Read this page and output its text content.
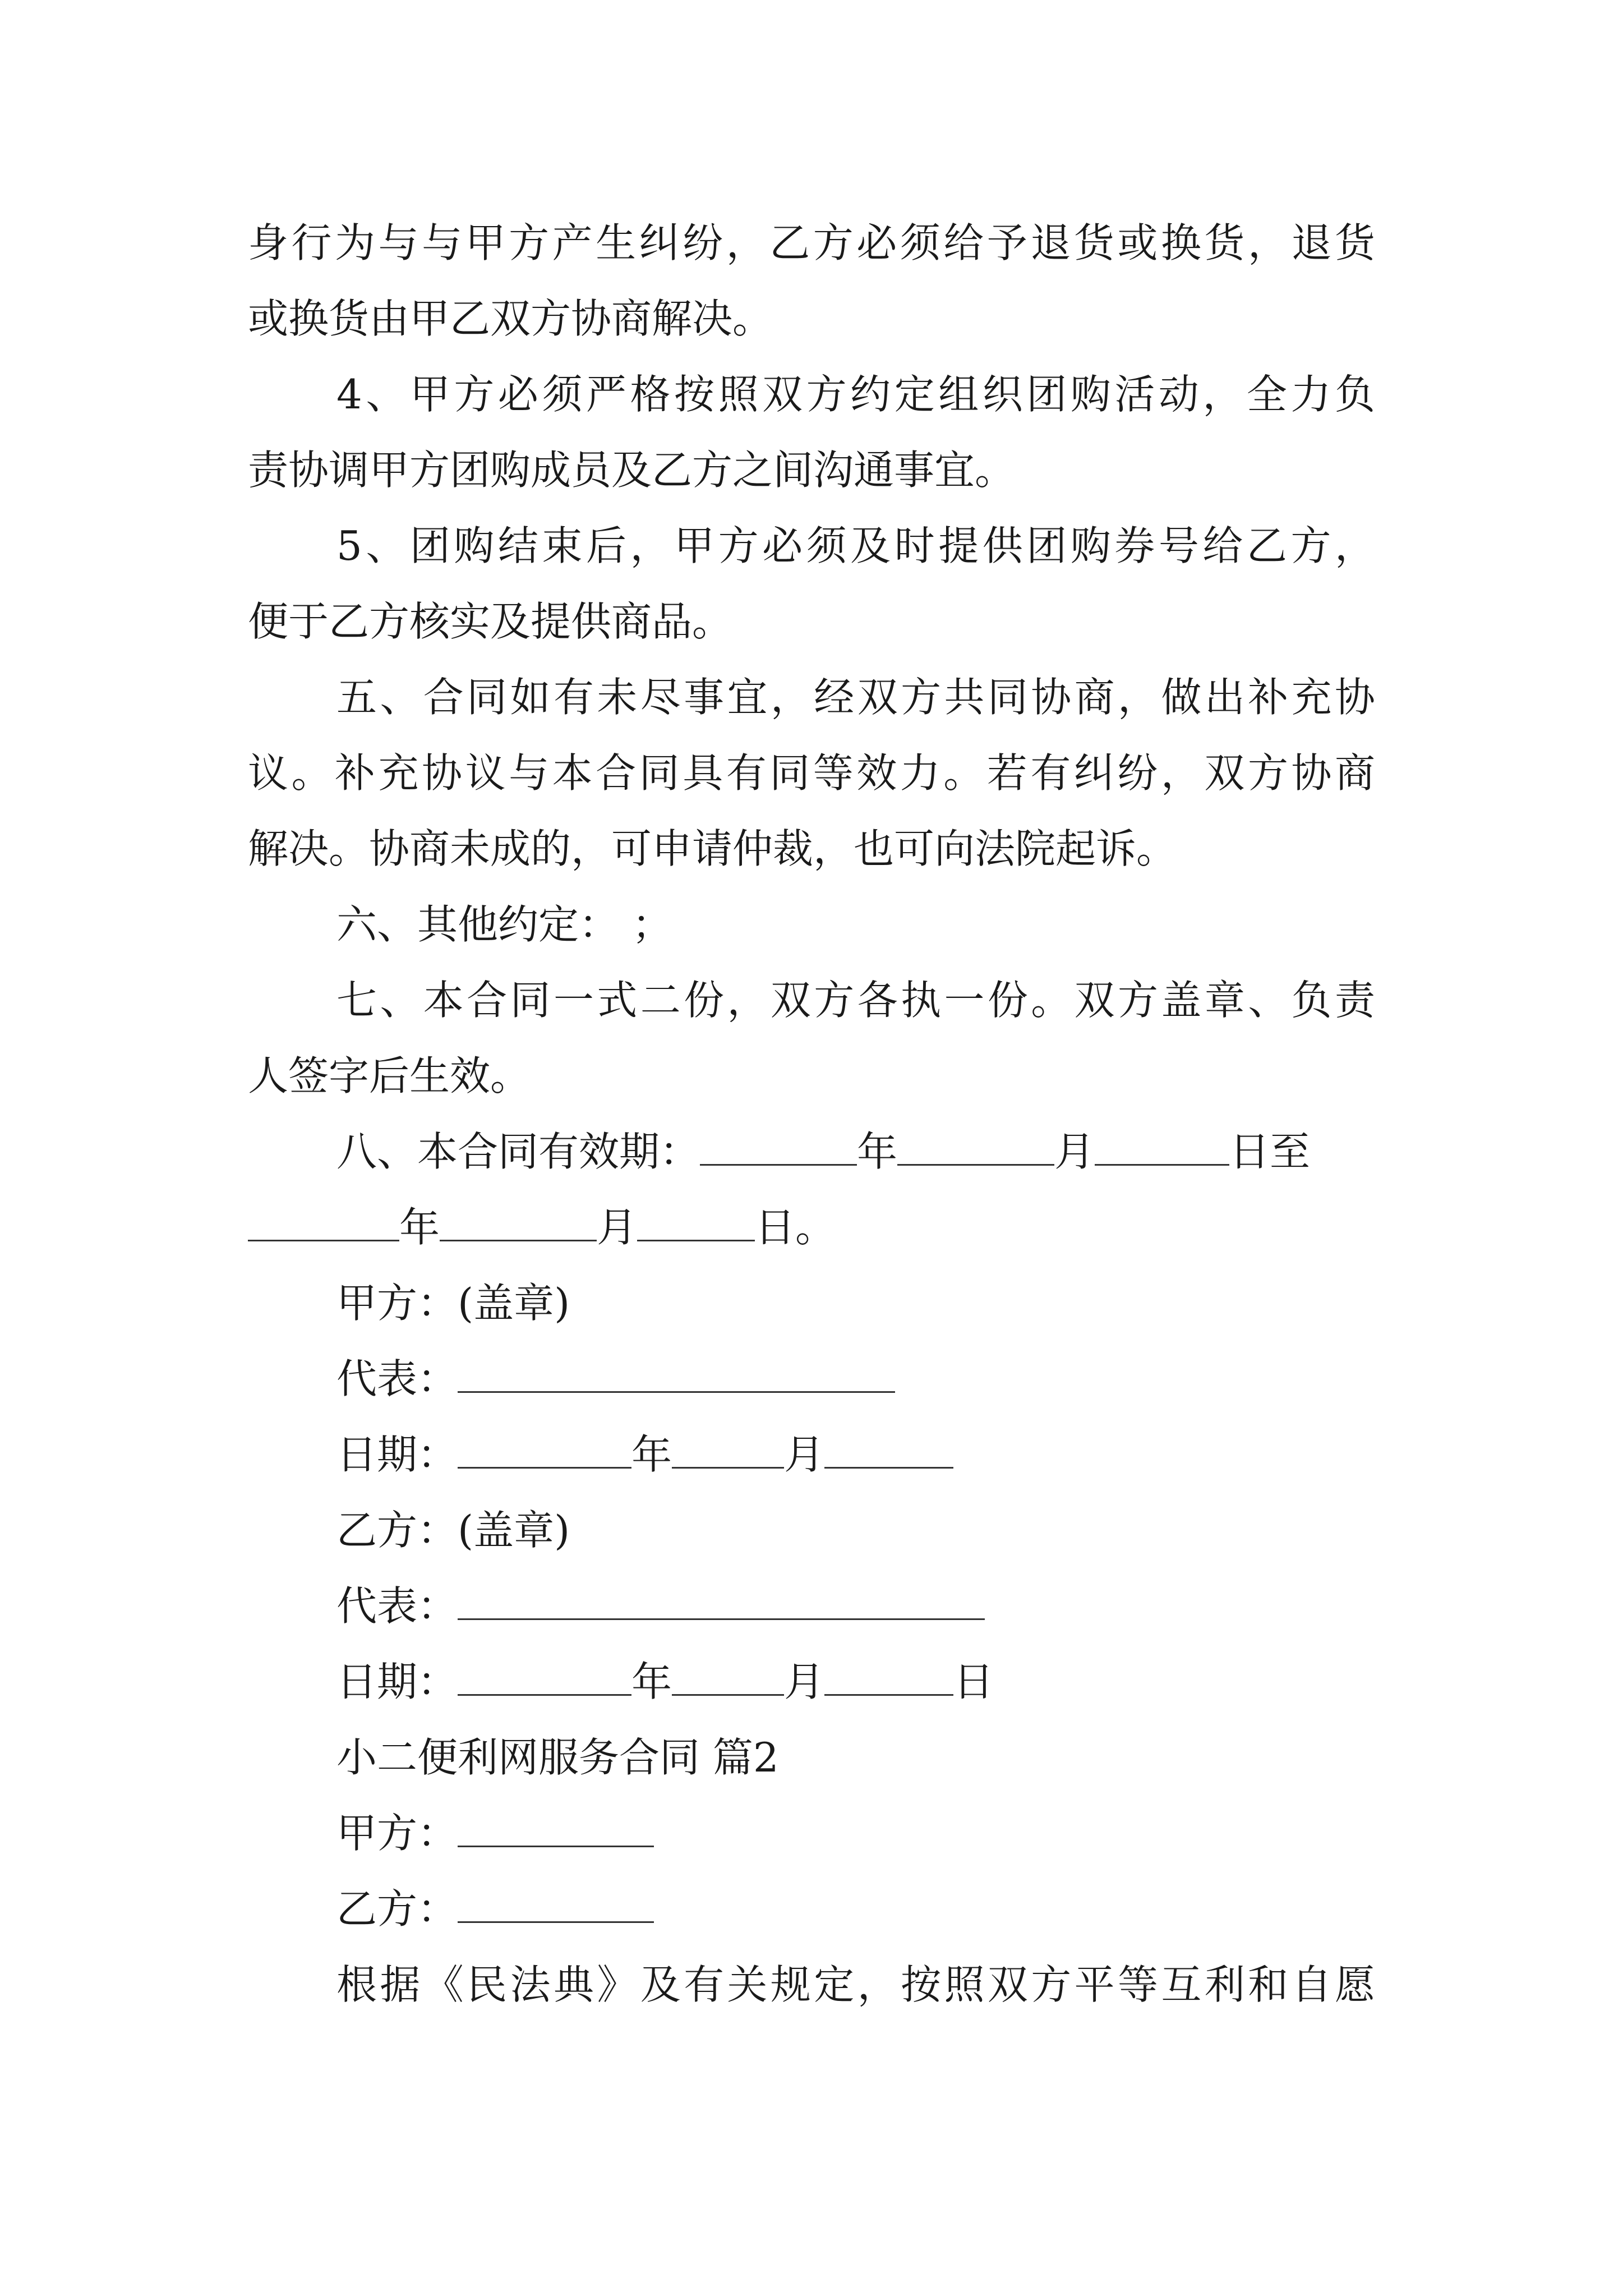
身行为与与甲方产生纠纷，乙方必须给予退货或换货，退货
或换货由甲乙双方协商解决。
4、甲方必须严格按照双方约定组织团购活动，全力负
责协调甲方团购成员及乙方之间沟通事宜。
5、团购结束后，甲方必须及时提供团购券号给乙方，
便于乙方核实及提供商品。
五、合同如有未尽事宜，经双方共同协商，做出补充协
议。补充协议与本合同具有同等效力。若有纠纷，双方协商
解决。协商未成的，可申请仲裁，也可向法院起诉。
六、其他约定： ；
七、本合同一式二份，双方各执一份。双方盖章、负责
人签字后生效。
八、本合同有效期：	年	月	日至
年	月	日。
甲方：(盖章)
代表：
日期：	年	月
乙方：(盖章)
代表：
日期：	年	月	日
小二便利网服务合同 篇2
甲方：
乙方：
根据《民法典》及有关规定，按照双方平等互利和自愿
